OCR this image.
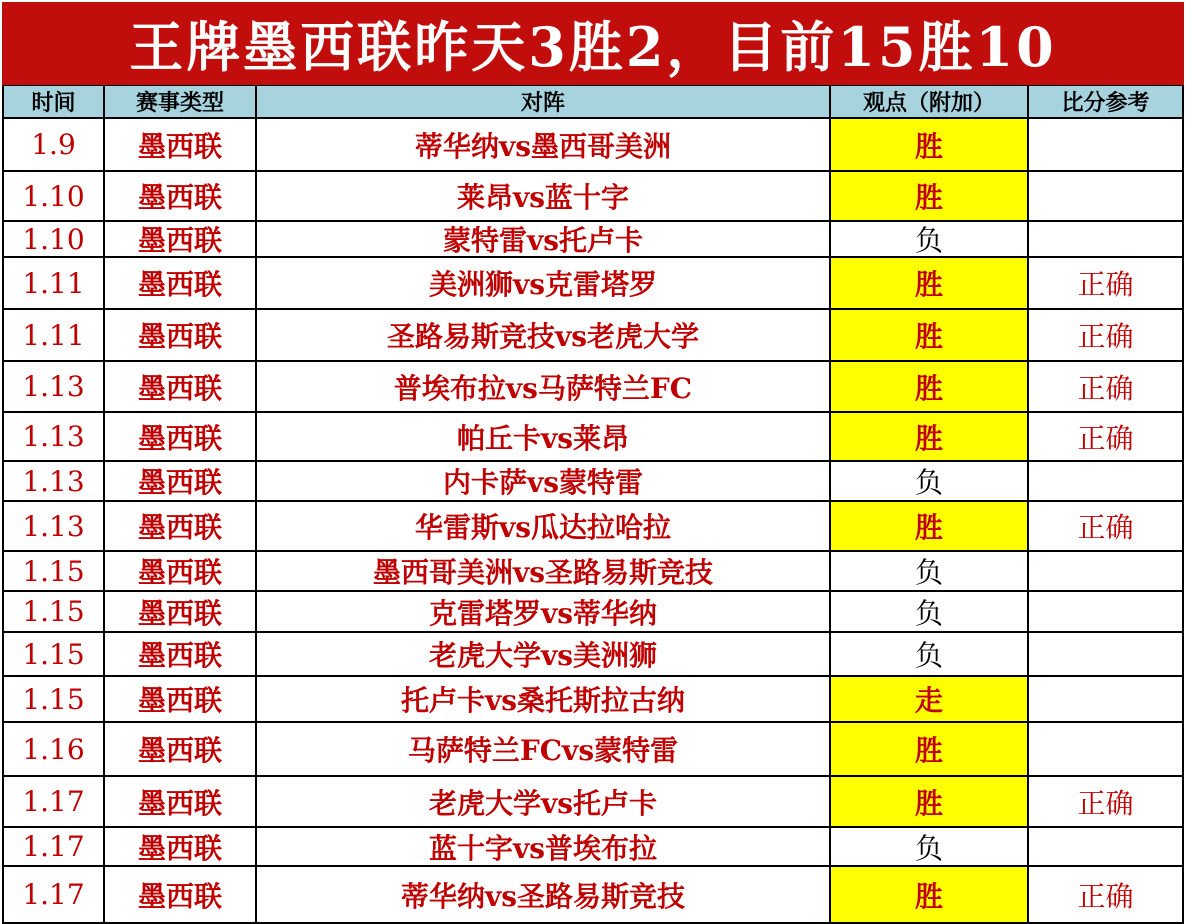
王牌墨西联昨天3胜2，目前15胜10
时间	赛事类型	对阵	观点（附加）	比分参考
1.9	墨西联	蒂华纳vs墨西哥美洲	胜
1.10	墨西联	莱昂vs蓝十字	胜
1.10	墨西联	蒙特雷vs托卢卡	负
1.11	墨西联	美洲狮vs克雷塔罗	胜	正确
1.11	墨西联	圣路易斯竞技vs老虎大学	胜	正确
1.13	墨西联	普埃布拉vs马萨特兰FC	胜	正确
1.13	墨西联	帕丘卡vs莱昂	胜	正确
1.13	墨西联	内卡萨vs蒙特雷	负
1.13	墨西联	华雷斯vs瓜达拉哈拉	胜	正确
1.15	墨西联	墨西哥美洲vs圣路易斯竞技	负
1.15	墨西联	克雷塔罗vs蒂华纳	负
1.15	墨西联	老虎大学vs美洲狮	负
1.15	墨西联	托卢卡vs桑托斯拉古纳	走
1.16	墨西联	马萨特兰FCvs蒙特雷	胜
1.17	墨西联	老虎大学vs托卢卡	胜	正确
1.17	墨西联	蓝十字vs普埃布拉	负
1.17	墨西联	蒂华纳vs圣路易斯竞技	胜	正确
